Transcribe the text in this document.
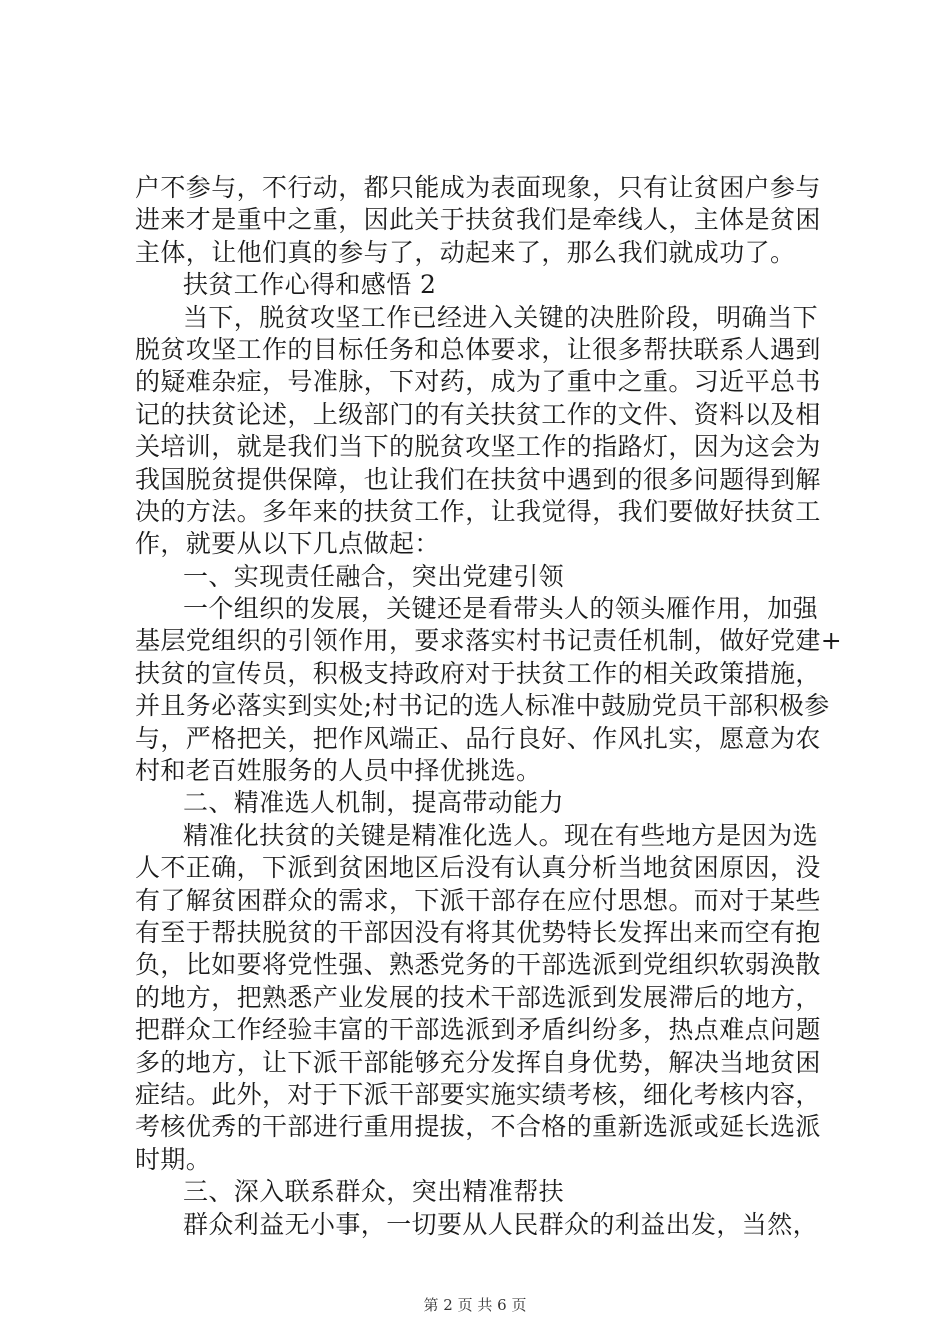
户不参与，不行动，都只能成为表面现象，只有让贫困户参与
进来才是重中之重，因此关于扶贫我们是牵线人，主体是贫困
主体，让他们真的参与了，动起来了，那么我们就成功了。
扶贫工作心得和感悟 2
当下，脱贫攻坚工作已经进入关键的决胜阶段，明确当下
脱贫攻坚工作的目标任务和总体要求，让很多帮扶联系人遇到
的疑难杂症，号准脉，下对药，成为了重中之重。习近平总书
记的扶贫论述，上级部门的有关扶贫工作的文件、资料以及相
关培训，就是我们当下的脱贫攻坚工作的指路灯，因为这会为
我国脱贫提供保障，也让我们在扶贫中遇到的很多问题得到解
决的方法。多年来的扶贫工作，让我觉得，我们要做好扶贫工
作，就要从以下几点做起：
一、实现责任融合，突出党建引领
一个组织的发展，关键还是看带头人的领头雁作用，加强
基层党组织的引领作用，要求落实村书记责任机制，做好党建+
扶贫的宣传员，积极支持政府对于扶贫工作的相关政策措施，
并且务必落实到实处;村书记的选人标准中鼓励党员干部积极参
与，严格把关，把作风端正、品行良好、作风扎实，愿意为农
村和老百姓服务的人员中择优挑选。
二、精准选人机制，提高带动能力
精准化扶贫的关键是精准化选人。现在有些地方是因为选
人不正确，下派到贫困地区后没有认真分析当地贫困原因，没
有了解贫困群众的需求，下派干部存在应付思想。而对于某些
有至于帮扶脱贫的干部因没有将其优势特长发挥出来而空有抱
负，比如要将党性强、熟悉党务的干部选派到党组织软弱涣散
的地方，把熟悉产业发展的技术干部选派到发展滞后的地方，
把群众工作经验丰富的干部选派到矛盾纠纷多，热点难点问题
多的地方，让下派干部能够充分发挥自身优势，解决当地贫困
症结。此外，对于下派干部要实施实绩考核，细化考核内容，
考核优秀的干部进行重用提拔，不合格的重新选派或延长选派
时期。
三、深入联系群众，突出精准帮扶
群众利益无小事，一切要从人民群众的利益出发，当然，
第 2 页 共 6 页
